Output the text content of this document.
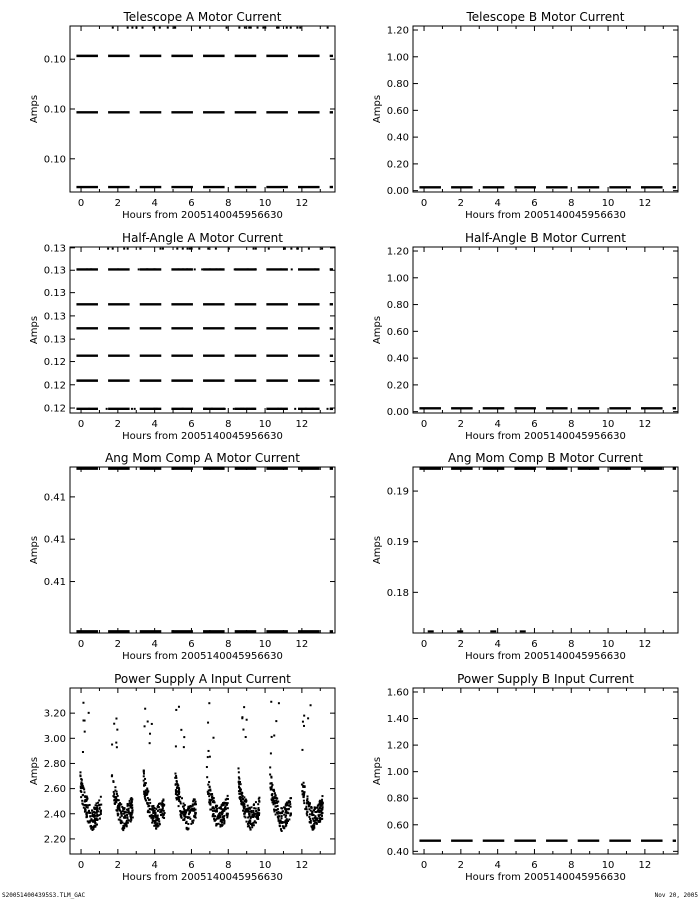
Telescope A Motor Current
Hours from 2005140045956630
Amps
0	2	4	6	8	10 12
0.10
0.10
0.10
Telescope B Motor Current
Hours from 2005140045956630
Amps
0	2	4	6	8	10 12
0.00
0.20
0.40
0.60
0.80
1.00
1.20
Half-Angle A Motor Current
Hours from 2005140045956630
Amps
0	2	4	6	8	10 12
0.12
0.12
0.12
0.13
0.13
0.13
0.13
0.13
Half-Angle B Motor Current
Hours from 2005140045956630
Amps
0	2	4	6	8	10 12
0.00
0.20
0.40
0.60
0.80
1.00
1.20
Ang Mom Comp A Motor Current
Hours from 2005140045956630
Amps
0	2	4	6	8	10 12
0.41
0.41
0.41
Ang Mom Comp B Motor Current
Hours from 2005140045956630
Amps
0	2	4	6	8	10 12
0.18
0.19
0.19
Power Supply A Input Current
Hours from 2005140045956630
Amps
0	2	4	6	8	10 12
2.20
2.40
2.60
2.80
3.00
3.20
Power Supply B Input Current
Hours from 2005140045956630
Amps
0	2	4	6	8	10 12
0.40
0.60
0.80
1.00
1.20
1.40
1.60
S200514004395S3.TLM_GAC	Nov 20, 2005
